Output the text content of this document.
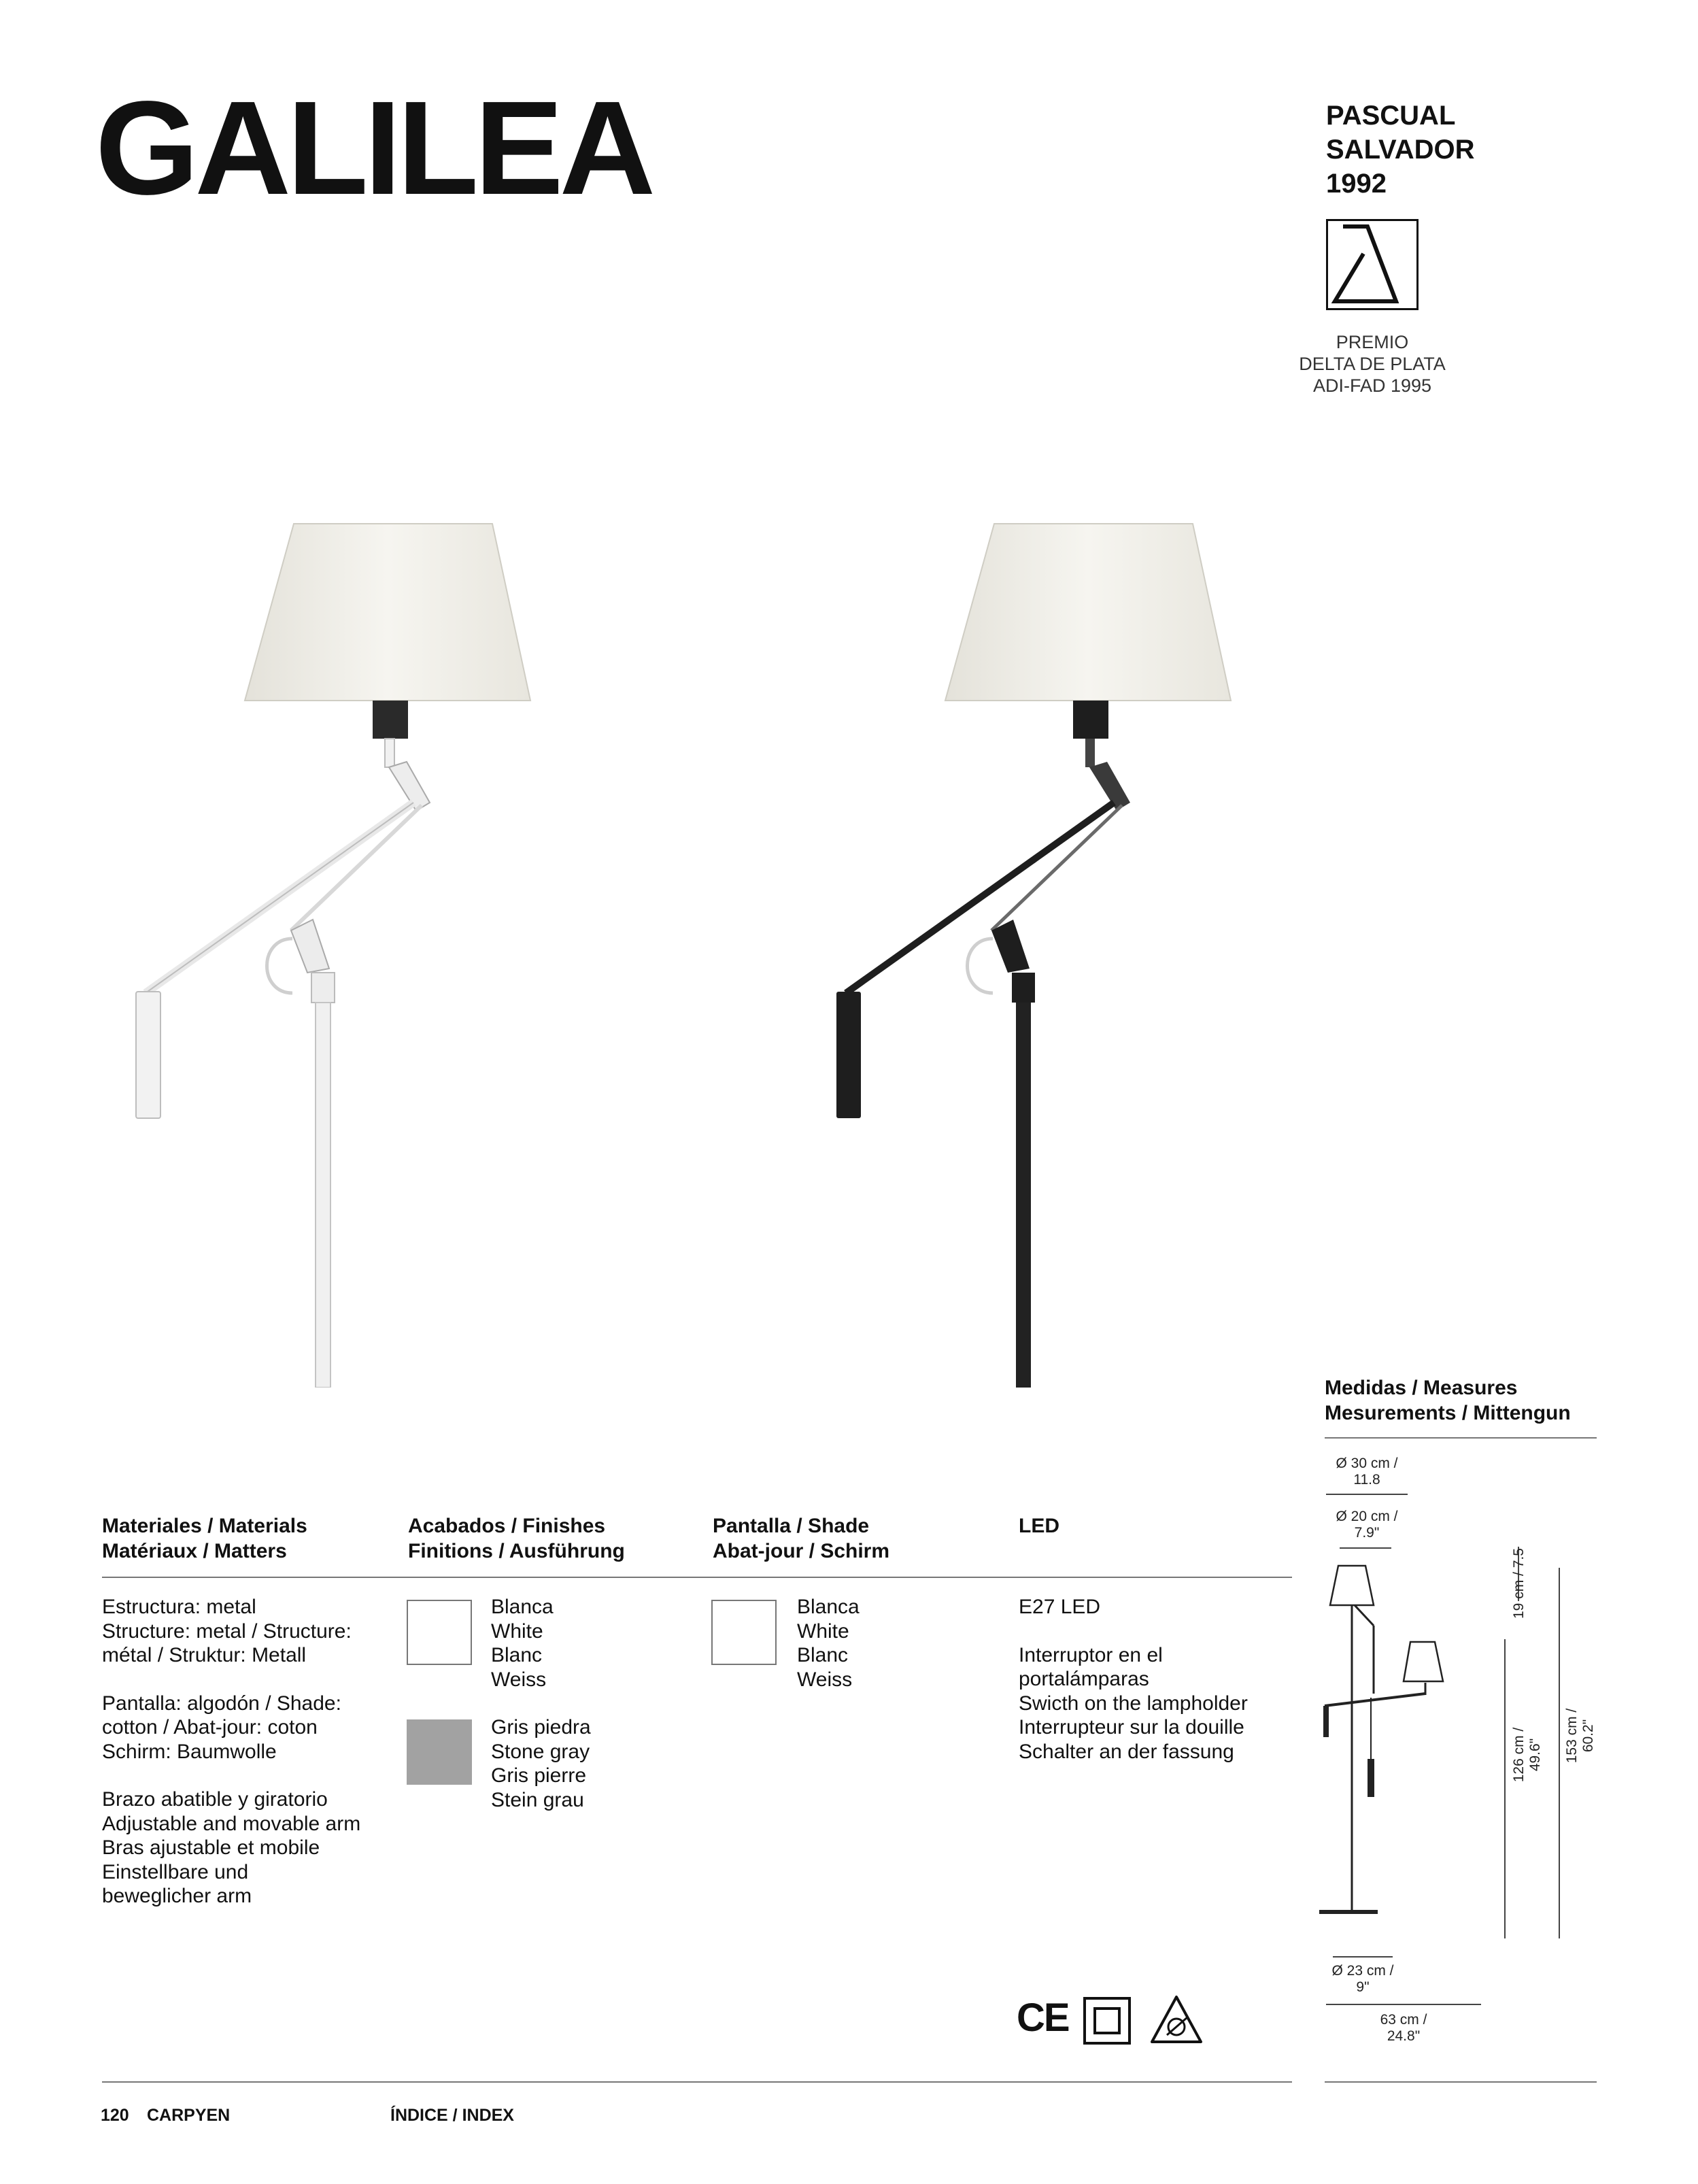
GALILEA	PASCUAL
SALVADOR
1992
PREMIO
DELTA DE PLATA
ADI-FAD 1995
Medidas / Measures
Mesurements / Mittengun
Materiales / Materials
Matériaux / Matters
Acabados / Finishes
Finitions / Ausführung
Pantalla / Shade
Abat-jour / Schirm
LED
Estructura: metal
Structure: metal / Structure:
métal / Struktur: Metall
Pantalla: algodón / Shade:
cotton / Abat-jour: coton
Schirm: Baumwolle
Brazo abatible y giratorio
Adjustable and movable arm
Bras ajustable et mobile
Einstellbare und
beweglicher arm
Blanca
White
Blanc
Weiss
Gris piedra
Stone gray
Gris pierre
Stein grau
Blanca
White
Blanc
Weiss
E27 LED
Interruptor en el
portalámparas
Swicth on the lampholder
Interrupteur sur la douille
Schalter an der fassung
Ø 30 cm /
11.8
Ø 20 cm /
7.9"
19 cm / 7.5
126 cm / 49.6" 153 cm / 60.2"
Ø 23 cm /
9"
63 cm /
24.8"
CE
120 CARPYEN	ÍNDICE / INDEX
